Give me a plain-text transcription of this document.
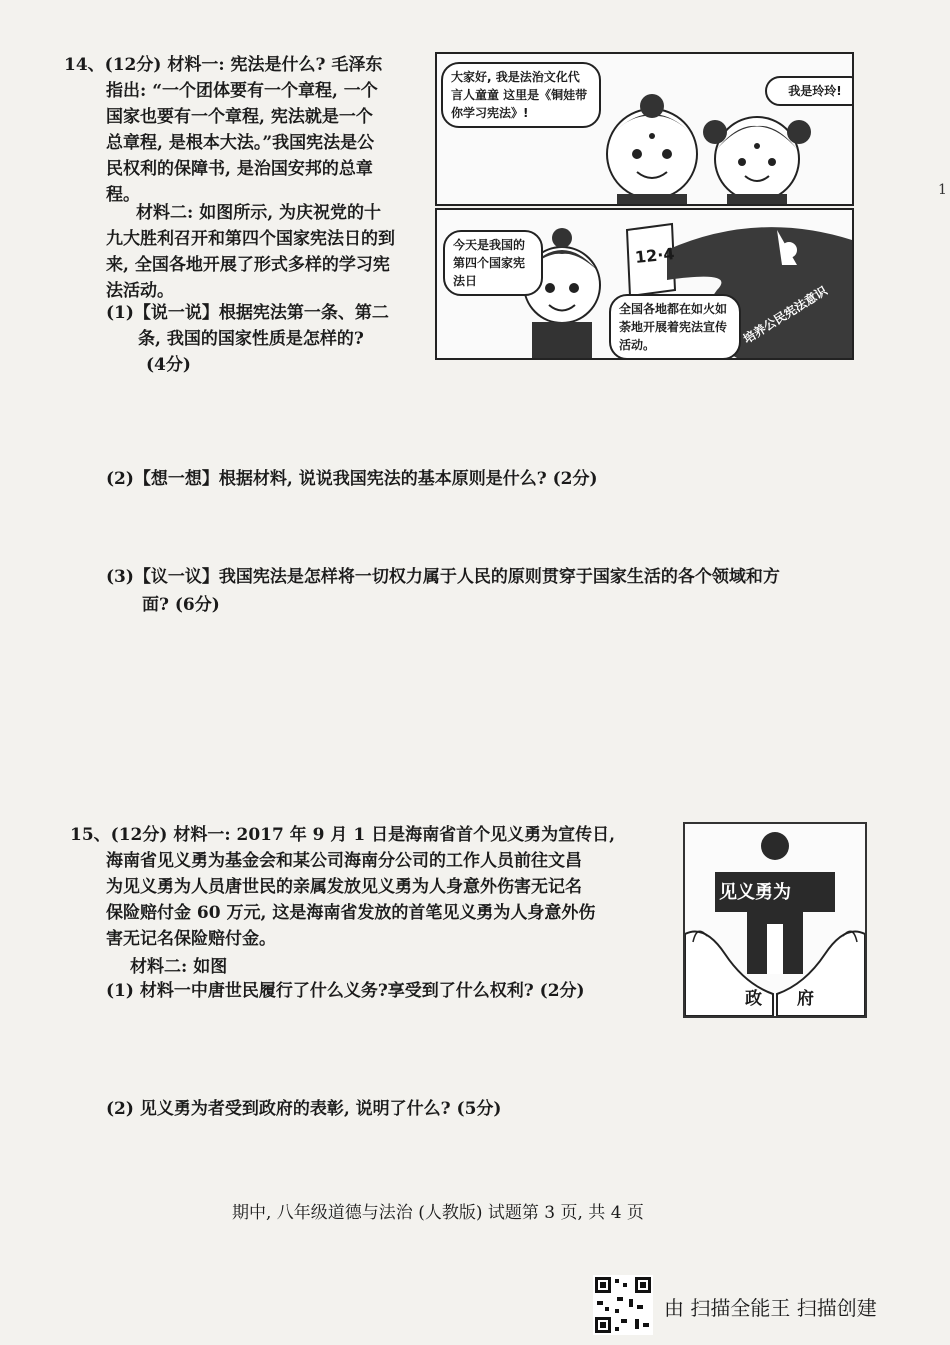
14、(12分) 材料一: 宪法是什么? 毛泽东
指出: “一个团体要有一个章程, 一个
国家也要有一个章程, 宪法就是一个
总章程, 是根本大法。”我国宪法是公
民权利的保障书, 是治国安邦的总章
程。
材料二: 如图所示, 为庆祝党的十
九大胜利召开和第四个国家宪法日的到
来, 全国各地开展了形式多样的学习宪
法活动。
(1)【说一说】根据宪法第一条、第二
条, 我国的国家性质是怎样的?
(4分)
大家好, 我是法治文化代言人童童 这里是《铜娃带你学习宪法》!
我是玲玲!
12·4
今天是我国的第四个国家宪法日
全国各地都在如火如荼地开展着宪法宣传活动。	培养公民宪法意识
1
(2)【想一想】根据材料, 说说我国宪法的基本原则是什么? (2分)
(3)【议一议】我国宪法是怎样将一切权力属于人民的原则贯穿于国家生活的各个领域和方
面? (6分)
15、(12分) 材料一: 2017 年 9 月 1 日是海南省首个见义勇为宣传日,
海南省见义勇为基金会和某公司海南分公司的工作人员前往文昌
为见义勇为人员唐世民的亲属发放见义勇为人身意外伤害无记名
保险赔付金 60 万元, 这是海南省发放的首笔见义勇为人身意外伤
害无记名保险赔付金。
材料二: 如图
(1) 材料一中唐世民履行了什么义务?享受到了什么权利? (2分)
(2) 见义勇为者受到政府的表彰, 说明了什么? (5分)
见义勇为
政 府
期中, 八年级道德与法治 (人教版) 试题第 3 页, 共 4 页
由 扫描全能王 扫描创建
